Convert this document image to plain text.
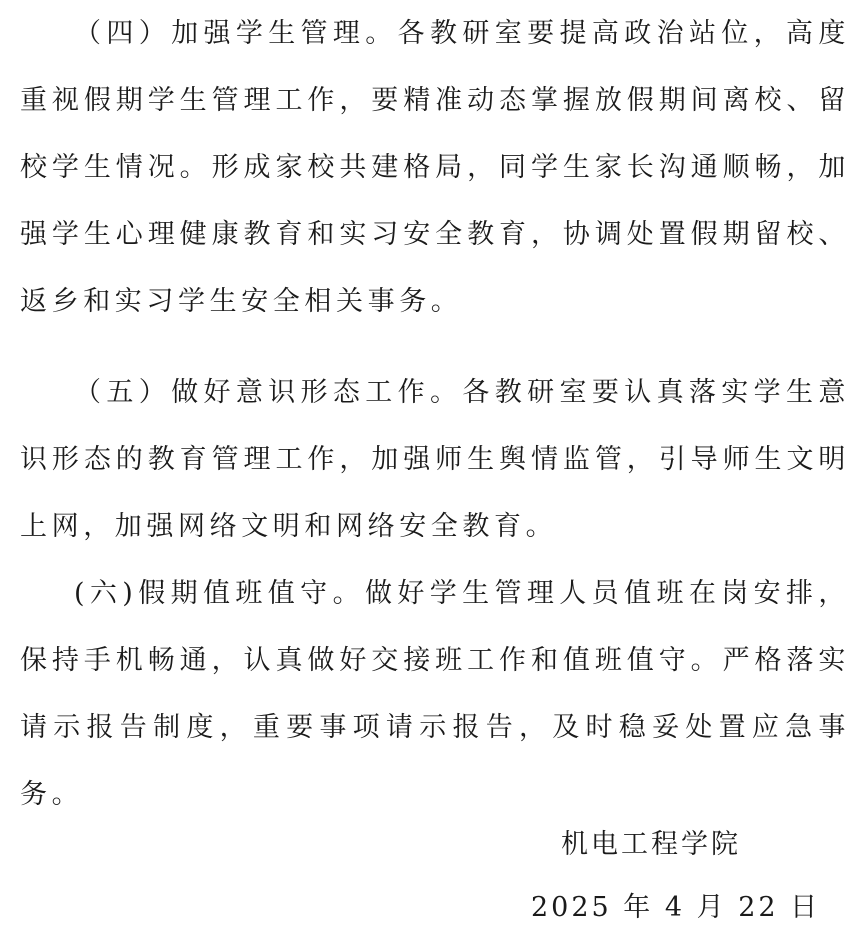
（四）加强学生管理。各教研室要提高政治站位，高度重视假期学生管理工作，要精准动态掌握放假期间离校、留校学生情况。形成家校共建格局，同学生家长沟通顺畅，加强学生心理健康教育和实习安全教育，协调处置假期留校、返乡和实习学生安全相关事务。

（五）做好意识形态工作。各教研室要认真落实学生意识形态的教育管理工作，加强师生舆情监管，引导师生文明上网，加强网络文明和网络安全教育。

(六)假期值班值守。做好学生管理人员值班在岗安排，保持手机畅通，认真做好交接班工作和值班值守。严格落实请示报告制度，重要事项请示报告，及时稳妥处置应急事务。

机电工程学院
2025 年 4 月 22 日
